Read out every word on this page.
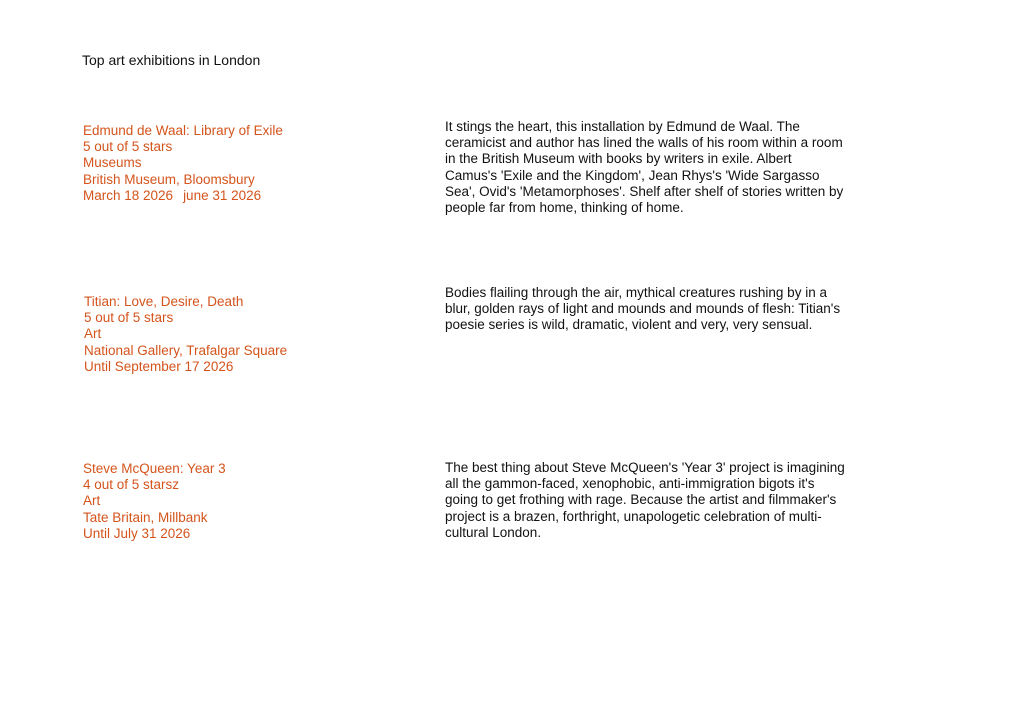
Top art exhibitions in London
Edmund de Waal: Library of Exile
5 out of 5 stars
Museums
British Museum, Bloomsbury
March 18 2026 june 31 2026

It stings the heart, this installation by Edmund de Waal. The ceramicist and author has lined the walls of his room within a room in the British Museum with books by writers in exile. Albert Camus's 'Exile and the Kingdom', Jean Rhys's 'Wide Sargasso Sea', Ovid's 'Metamorphoses'. Shelf after shelf of stories written by people far from home, thinking of home.

Titian: Love, Desire, Death
5 out of 5 stars
Art
National Gallery, Trafalgar Square
Until September 17 2026

Bodies flailing through the air, mythical creatures rushing by in a blur, golden rays of light and mounds and mounds of flesh: Titian's poesie series is wild, dramatic, violent and very, very sensual.

Steve McQueen: Year 3
4 out of 5 starsz
Art
Tate Britain, Millbank
Until July 31 2026

The best thing about Steve McQueen's 'Year 3' project is imagining all the gammon-faced, xenophobic, anti-immigration bigots it's going to get frothing with rage. Because the artist and filmmaker's project is a brazen, forthright, unapologetic celebration of multi-cultural London.
